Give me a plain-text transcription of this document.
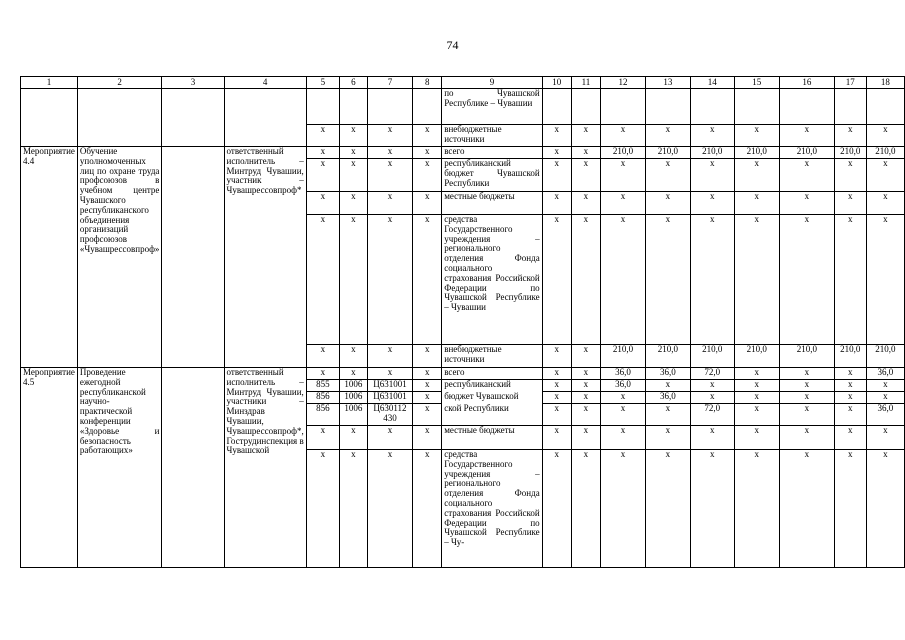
74
1	2	3	4	5	6	7	8	9	10	11	12	13	14	15	16	17	18
								по Чувашской Республике – Чувашии									
				х	х	х	х	внебюджетные источники	х	х	х	х	х	х	х	х	х
Мероприятие 4.4	Обучение уполномоченных лиц по охране труда профсоюзов в учебном центре Чувашского республиканского объединения организаций профсоюзов «Чувашрессовпроф»		ответственный исполнитель – Минтруд Чувашии, участник – Чувашрессовпроф*	х	х	х	х	всего	х	х	210,0	210,0	210,0	210,0	210,0	210,0	210,0
				х	х	х	х	республиканский бюджет Чувашской Республики	х	х	х	х	х	х	х	х	х
				х	х	х	х	местные бюджеты	х	х	х	х	х	х	х	х	х
				х	х	х	х	средства Государственного учреждения – регионального отделения Фонда социального страхования Российской Федерации по Чувашской Республике – Чувашии	х	х	х	х	х	х	х	х	х
				х	х	х	х	внебюджетные источники	х	х	210,0	210,0	210,0	210,0	210,0	210,0	210,0
Мероприятие 4.5	Проведение ежегодной республиканской научно-практической конференции «Здоровье и безопасность работающих»		ответственный исполнитель – Минтруд Чувашии, участники – Минздрав Чувашии, Чувашрессовпроф*, Гострудинспекция в Чувашской	х	х	х	х	всего	х	х	36,0	36,0	72,0	х	х	х	36,0
				855	1006	Ц631001	х	республиканский	х	х	36,0	х	х	х	х	х	х
				856	1006	Ц631001	х	бюджет Чувашской	х	х	х	36,0	х	х	х	х	х
				856	1006	Ц630112 430	х	ской Республики	х	х	х	х	72,0	х	х	х	36,0
				х	х	х	х	местные бюджеты	х	х	х	х	х	х	х	х	х
				х	х	х	х	средства Государственного учреждения – регионального отделения Фонда социального страхования Российской Федерации по Чувашской Республике – Чу-	х	х	х	х	х	х	х	х	х
